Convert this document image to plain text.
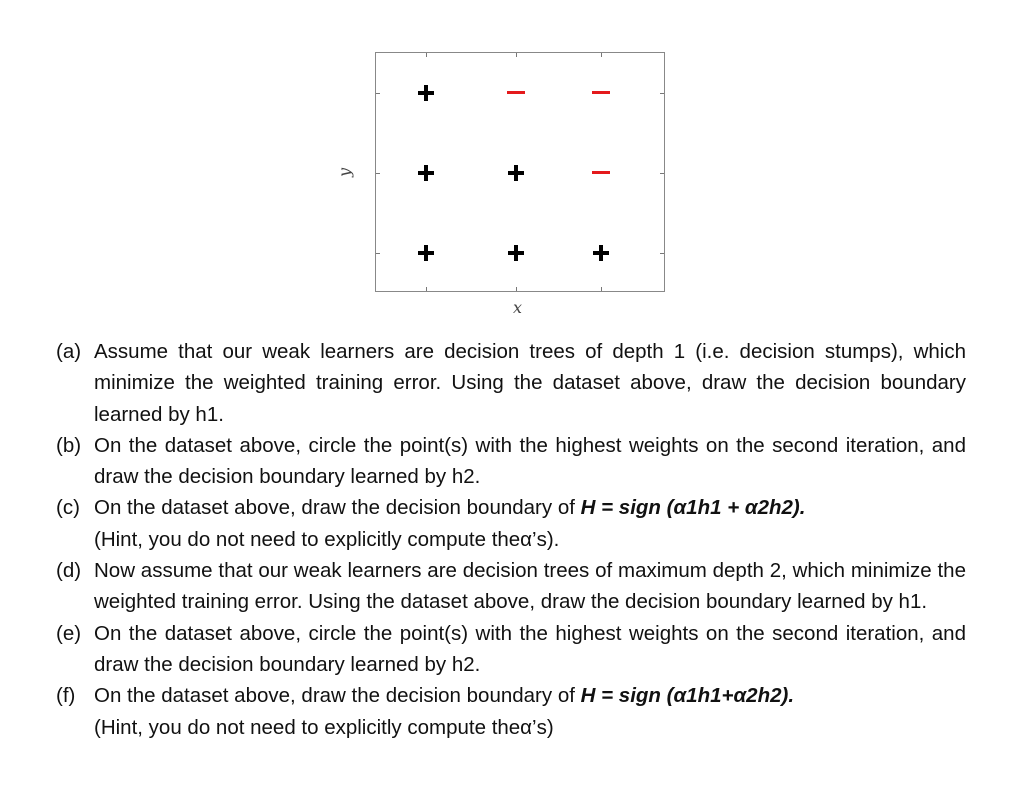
y
x
(a) Assume that our weak learners are decision trees of depth 1 (i.e. decision stumps), which minimize the weighted training error. Using the dataset above, draw the decision boundary learned by h1.
(b) On the dataset above, circle the point(s) with the highest weights on the second iteration, and draw the decision boundary learned by h2.
(c) On the dataset above, draw the decision boundary of H = sign (α1h1 + α2h2).
(Hint, you do not need to explicitly compute theα’s).
(d) Now assume that our weak learners are decision trees of maximum depth 2, which minimize the weighted training error. Using the dataset above, draw the decision boundary learned by h1.
(e) On the dataset above, circle the point(s) with the highest weights on the second iteration, and draw the decision boundary learned by h2.
(f) On the dataset above, draw the decision boundary of H = sign (α1h1+α2h2).
(Hint, you do not need to explicitly compute theα’s)
